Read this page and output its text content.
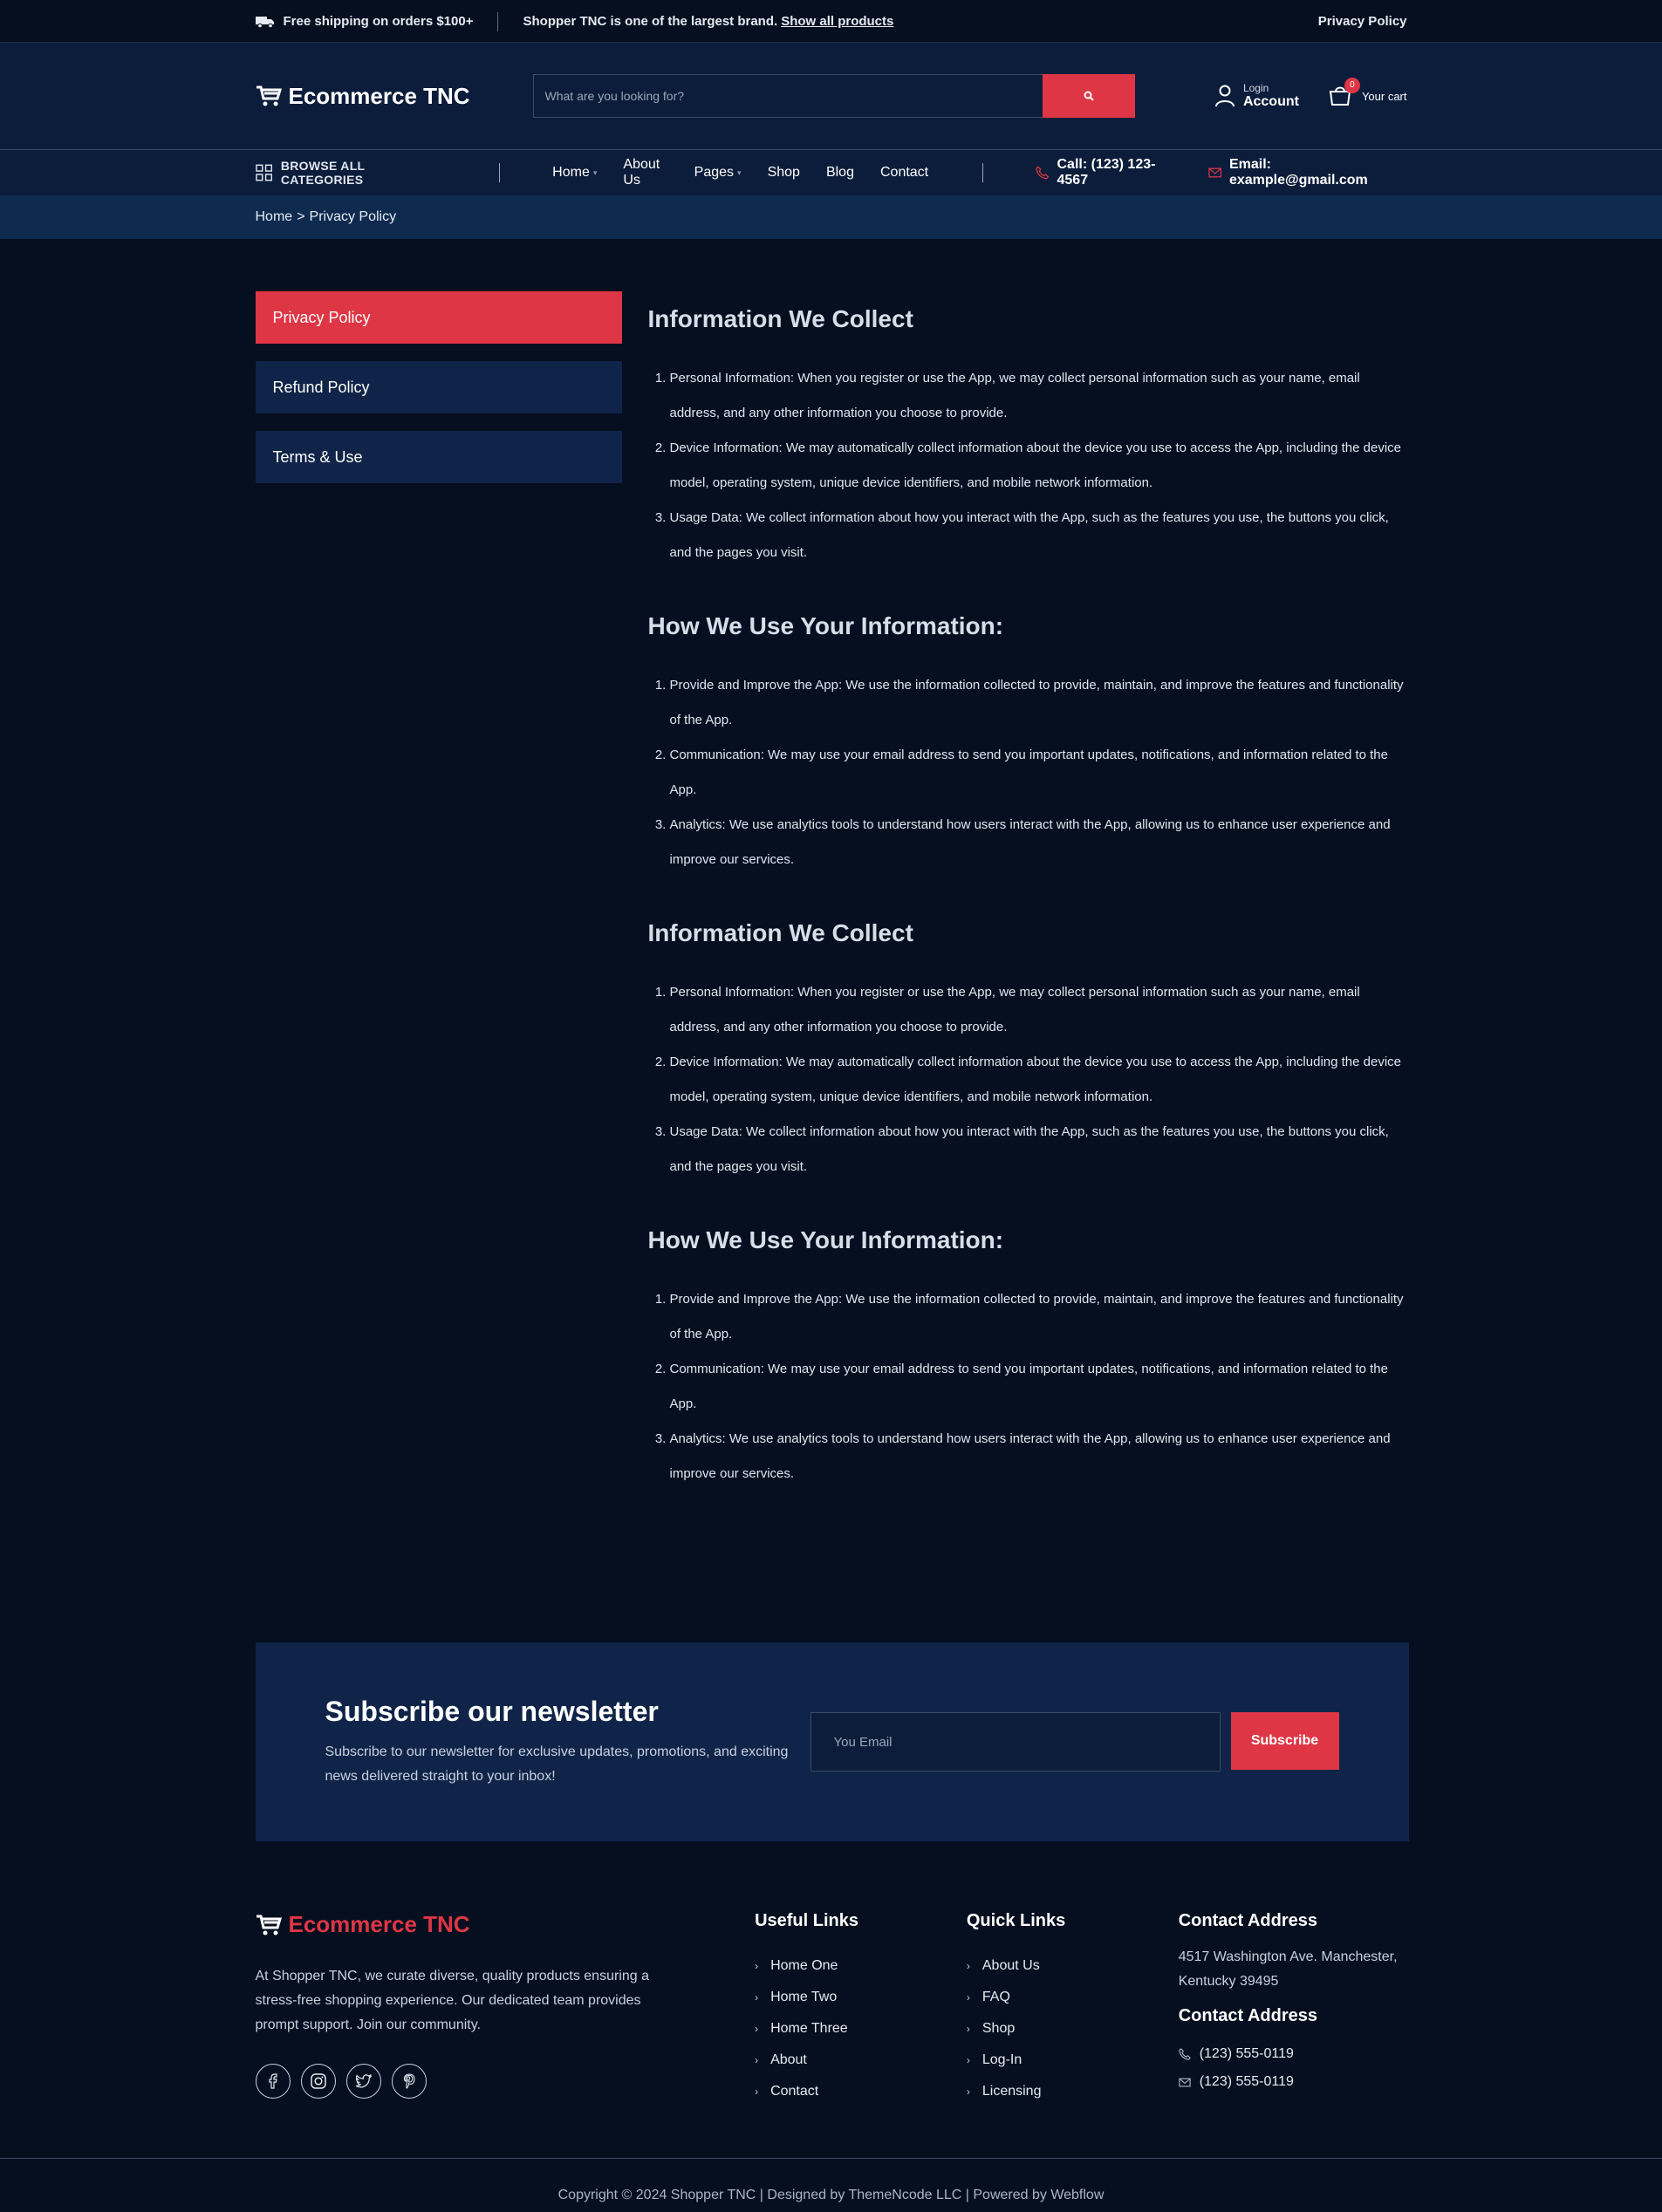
Free shipping on orders $100+	Shopper TNC is one of the largest brand. Show all products	Privacy Policy
Ecommerce TNC	What are you looking for?
Login
Account
0
Your cart
BROWSE ALL CATEGORIES	Home ▾
About Us
Pages ▾ Shop Blog Contact
Call: (123) 123-4567
Email: example@gmail.com
Home > Privacy Policy
Privacy Policy
Refund Policy
Terms & Use
Information We Collect
1. Personal Information: When you register or use the App, we may collect personal information such as your name, email address, and any other information you choose to provide.
2. Device Information: We may automatically collect information about the device you use to access the App, including the device model, operating system, unique device identifiers, and mobile network information.
3. Usage Data: We collect information about how you interact with the App, such as the features you use, the buttons you click, and the pages you visit.
How We Use Your Information:
1. Provide and Improve the App: We use the information collected to provide, maintain, and improve the features and functionality of the App.
2. Communication: We may use your email address to send you important updates, notifications, and information related to the App.
3. Analytics: We use analytics tools to understand how users interact with the App, allowing us to enhance user experience and improve our services.
Information We Collect
1. Personal Information: When you register or use the App, we may collect personal information such as your name, email address, and any other information you choose to provide.
2. Device Information: We may automatically collect information about the device you use to access the App, including the device model, operating system, unique device identifiers, and mobile network information.
3. Usage Data: We collect information about how you interact with the App, such as the features you use, the buttons you click, and the pages you visit.
How We Use Your Information:
1. Provide and Improve the App: We use the information collected to provide, maintain, and improve the features and functionality of the App.
2. Communication: We may use your email address to send you important updates, notifications, and information related to the App.
3. Analytics: We use analytics tools to understand how users interact with the App, allowing us to enhance user experience and improve our services.
Subscribe our newsletter

Subscribe to our newsletter for exclusive updates, promotions, and exciting news delivered straight to your inbox!

You Email	Subscribe
Ecommerce TNC

At Shopper TNC, we curate diverse, quality products ensuring a stress-free shopping experience. Our dedicated team provides prompt support. Join our community.

Useful Links
› Home One
› Home Two
› Home Three
› About
› Contact
Quick Links
› About Us
› FAQ
› Shop
› Log-In
› Licensing
Contact Address

4517 Washington Ave. Manchester, Kentucky 39495

Contact Address
(123) 555-0119
(123) 555-0119
Copyright © 2024 Shopper TNC | Designed by ThemeNcode LLC | Powered by Webflow
